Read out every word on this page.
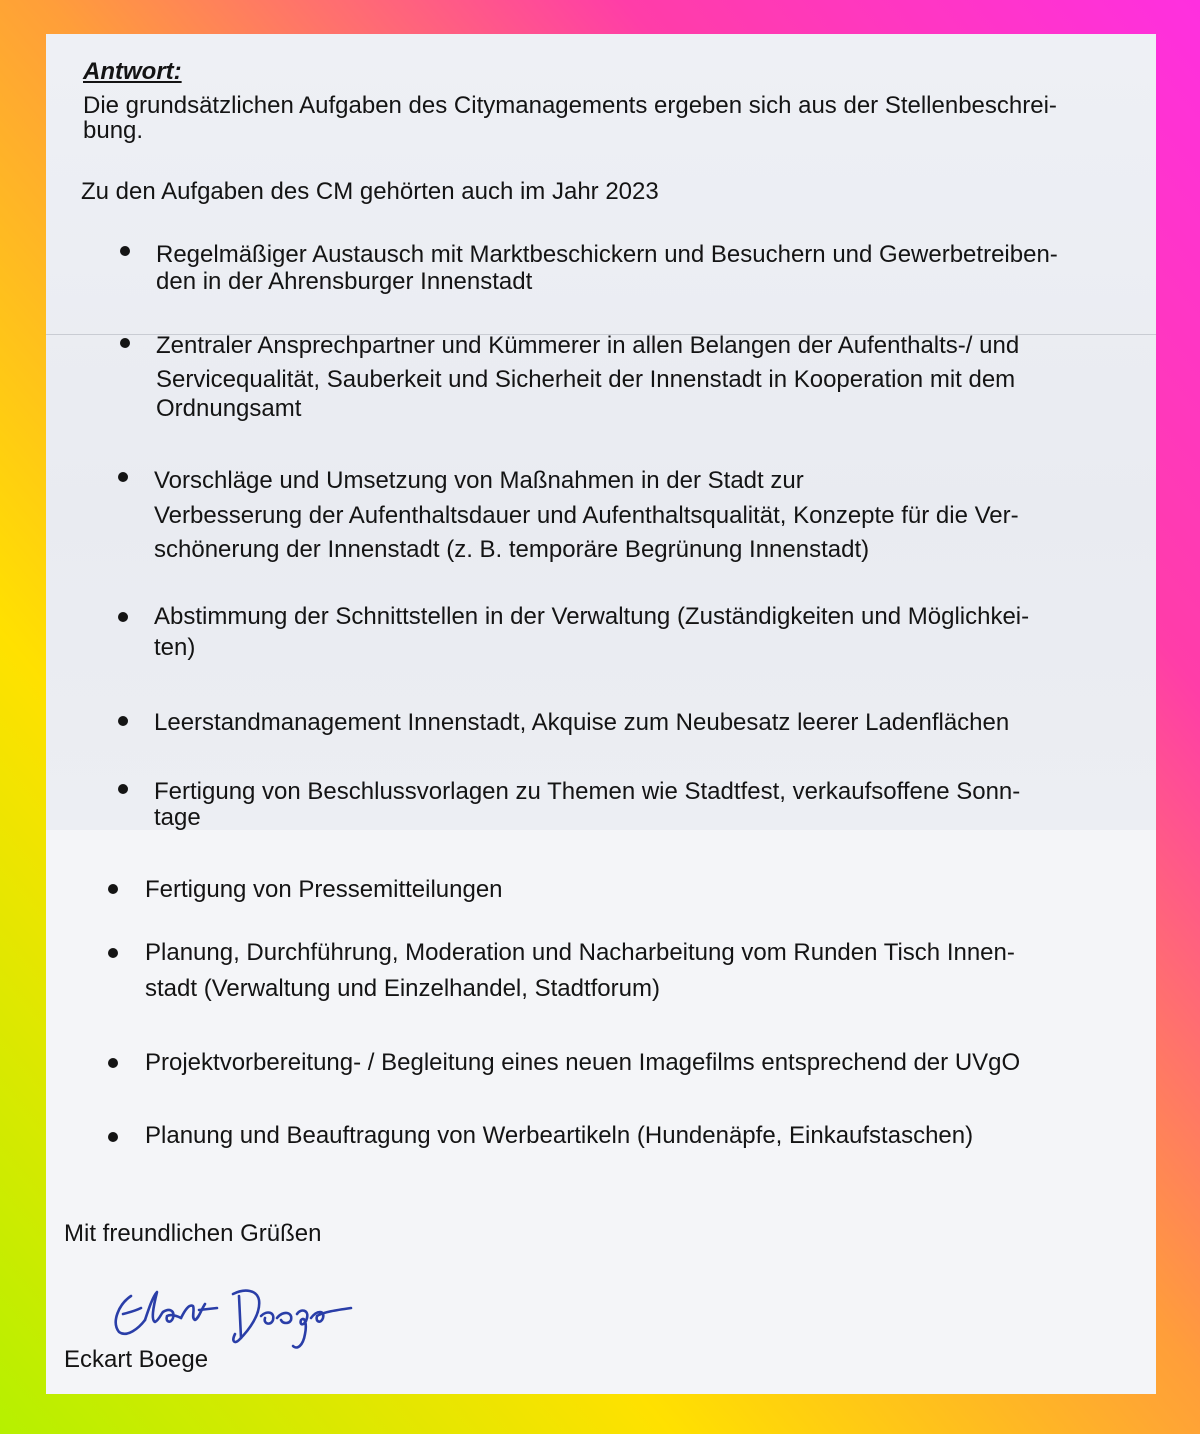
Antwort:
Die grundsätzlichen Aufgaben des Citymanagements ergeben sich aus der Stellenbeschrei-
bung.
Zu den Aufgaben des CM gehörten auch im Jahr 2023
Regelmäßiger Austausch mit Marktbeschickern und Besuchern und Gewerbetreiben-
den in der Ahrensburger Innenstadt
Zentraler Ansprechpartner und Kümmerer in allen Belangen der Aufenthalts-/ und
Servicequalität, Sauberkeit und Sicherheit der Innenstadt in Kooperation mit dem
Ordnungsamt
Vorschläge und Umsetzung von Maßnahmen in der Stadt zur
Verbesserung der Aufenthaltsdauer und Aufenthaltsqualität, Konzepte für die Ver-
schönerung der Innenstadt (z. B. temporäre Begrünung Innenstadt)
Abstimmung der Schnittstellen in der Verwaltung (Zuständigkeiten und Möglichkei-
ten)
Leerstandmanagement Innenstadt, Akquise zum Neubesatz leerer Ladenflächen
Fertigung von Beschlussvorlagen zu Themen wie Stadtfest, verkaufsoffene Sonn-
tage
Fertigung von Pressemitteilungen
Planung, Durchführung, Moderation und Nacharbeitung vom Runden Tisch Innen-
stadt (Verwaltung und Einzelhandel, Stadtforum)
Projektvorbereitung- / Begleitung eines neuen Imagefilms entsprechend der UVgO
Planung und Beauftragung von Werbeartikeln (Hundenäpfe, Einkaufstaschen)
Mit freundlichen Grüßen
Eckart Boege
